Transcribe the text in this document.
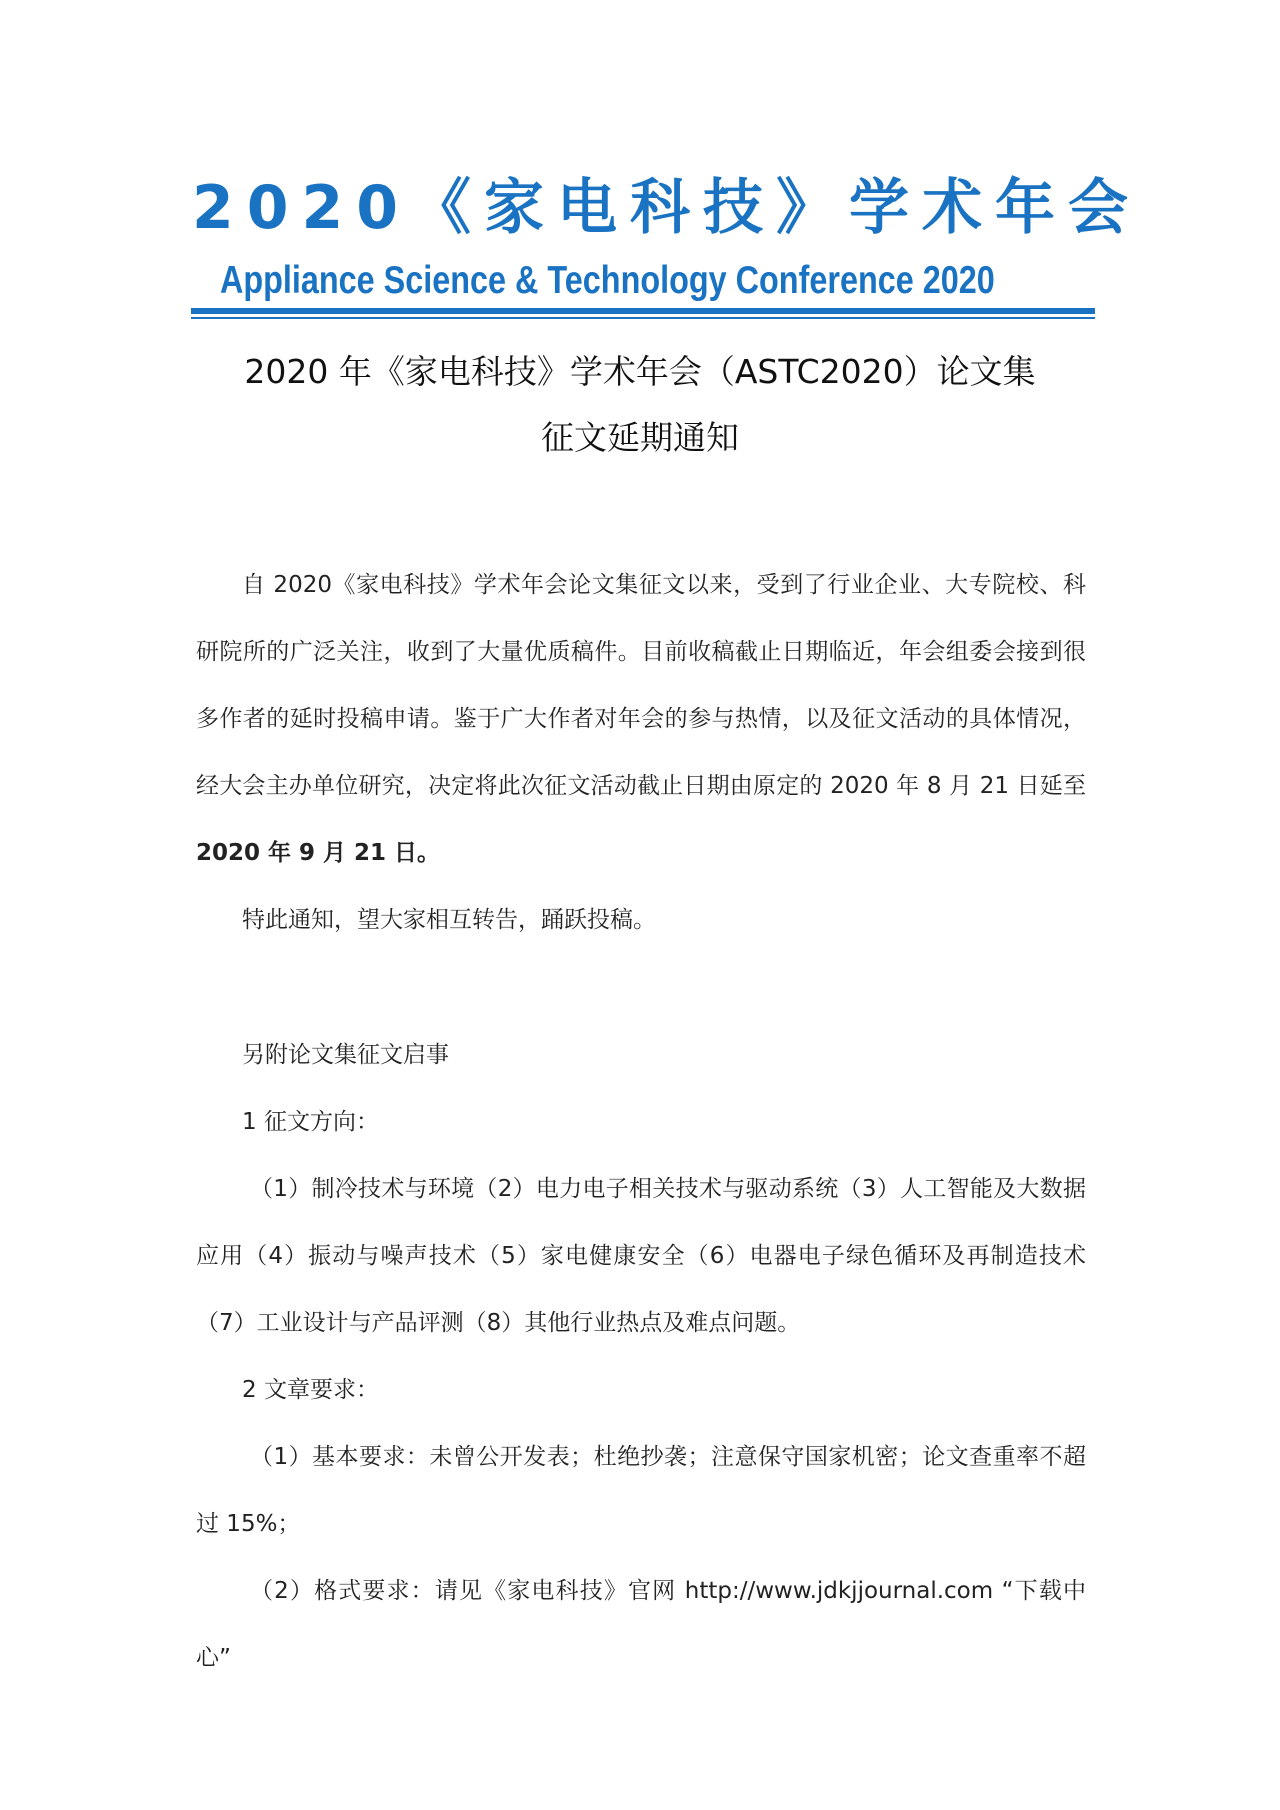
2020《家电科技》学术年会
Appliance Science & Technology Conference 2020
2020 年《家电科技》学术年会（ASTC2020）论文集
征文延期通知

自 2020《家电科技》学术年会论文集征文以来，受到了行业企业、大专院校、科研院所的广泛关注，收到了大量优质稿件。目前收稿截止日期临近，年会组委会接到很多作者的延时投稿申请。鉴于广大作者对年会的参与热情，以及征文活动的具体情况，经大会主办单位研究，决定将此次征文活动截止日期由原定的 2020 年 8 月 21 日延至 2020 年 9 月 21 日。

特此通知，望大家相互转告，踊跃投稿。

另附论文集征文启事

1 征文方向：

（1）制冷技术与环境（2）电力电子相关技术与驱动系统（3）人工智能及大数据应用（4）振动与噪声技术（5）家电健康安全（6）电器电子绿色循环及再制造技术（7）工业设计与产品评测（8）其他行业热点及难点问题。

2 文章要求：

（1）基本要求：未曾公开发表；杜绝抄袭；注意保守国家机密；论文查重率不超过 15%；

（2）格式要求：请见《家电科技》官网 http://www.jdkjjournal.com “下载中心”
